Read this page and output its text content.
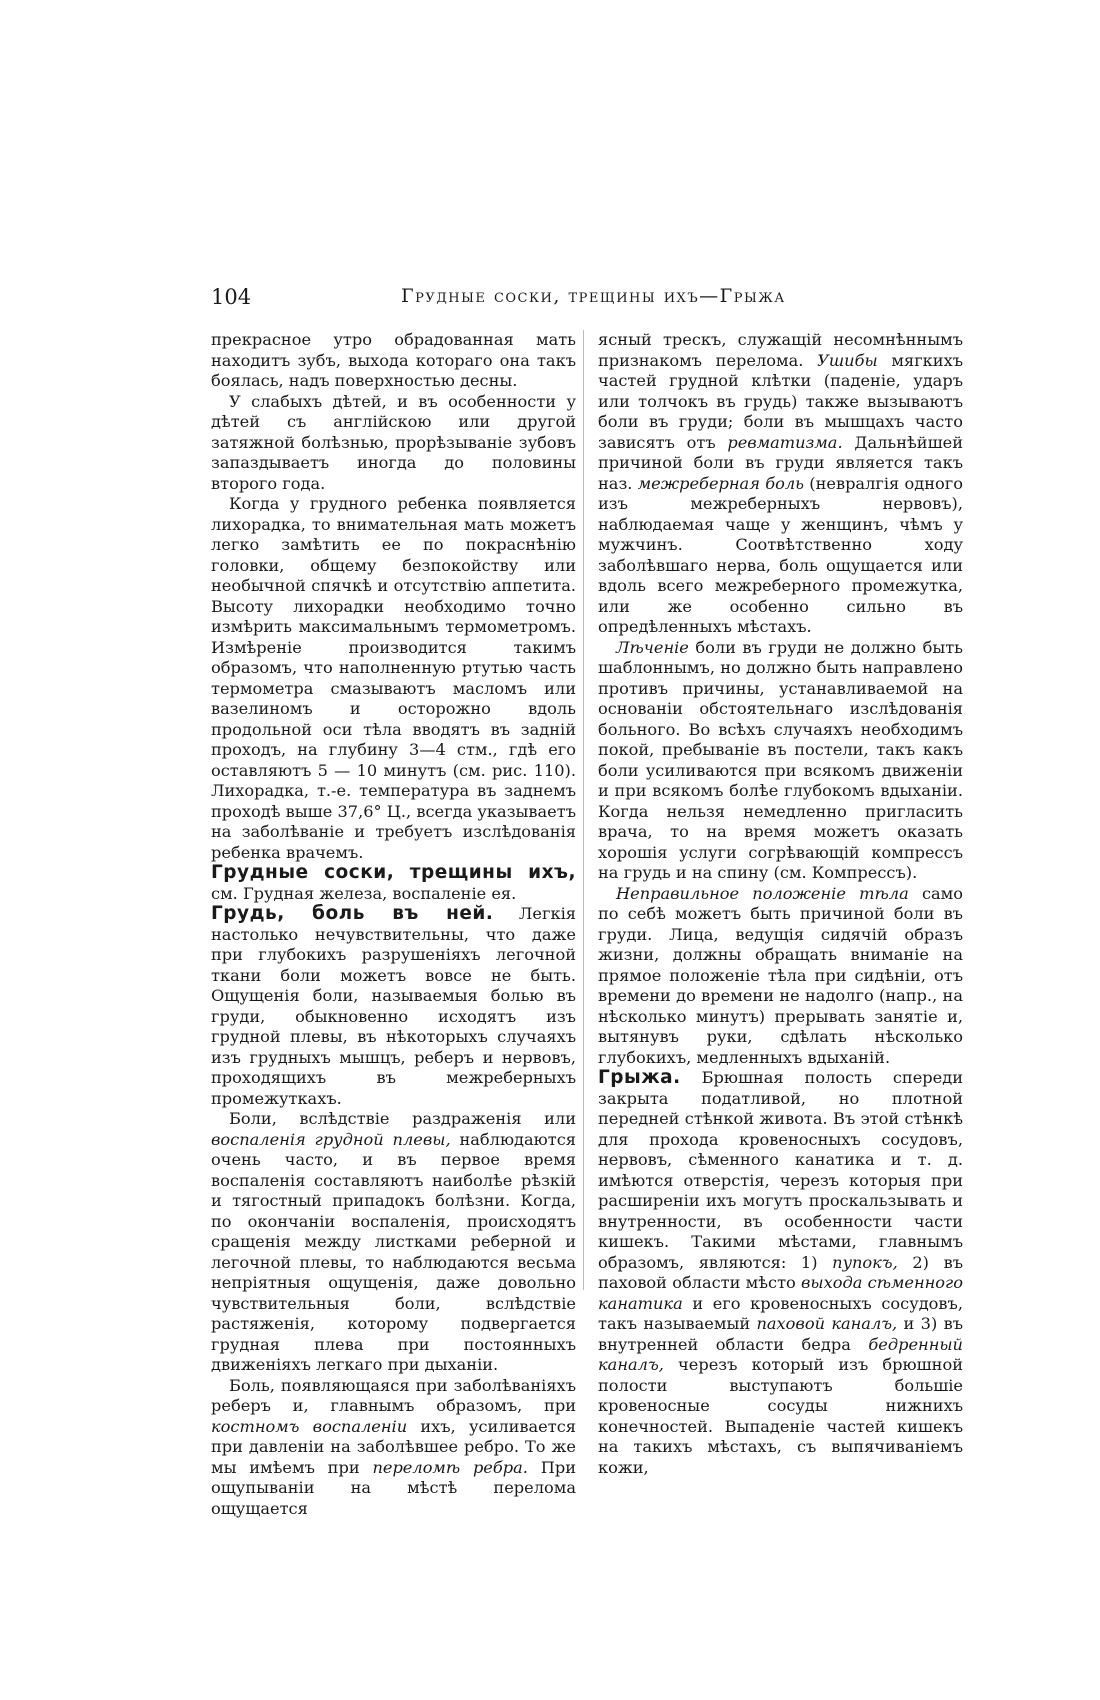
104	Грудные соски, трещины ихъ—Грыжа

прекрасное утро обрадованная мать находитъ зубъ, выхода котораго она такъ боялась, надъ поверхностью десны.

У слабыхъ дѣтей, и въ особенности у дѣтей съ англійскою или другой затяжной болѣзнью, прорѣзываніе зубовъ запаздываетъ иногда до половины второго года.

Когда у грудного ребенка появляется лихорадка, то внимательная мать можетъ легко замѣтить ее по покраснѣнію головки, общему безпокойству или необычной спячкѣ и отсутствію аппетита. Высоту лихорадки необходимо точно измѣрить максимальнымъ термометромъ. Измѣреніе производится такимъ образомъ, что наполненную ртутью часть термометра смазываютъ масломъ или вазелиномъ и осторожно вдоль продольной оси тѣла вводятъ въ задній проходъ, на глубину 3—4 стм., гдѣ его оставляютъ 5 — 10 минутъ (см. рис. 110). Лихорадка, т.-е. температура въ заднемъ проходѣ выше 37,6° Ц., всегда указываетъ на заболѣваніе и требуетъ изслѣдованія ребенка врачемъ.

Грудные соски, трещины ихъ, см. Грудная железа, воспаленіе ея.

Грудь, боль въ ней. Легкія настолько нечувствительны, что даже при глубокихъ разрушеніяхъ легочной ткани боли можетъ вовсе не быть. Ощущенія боли, называемыя болью въ груди, обыкновенно исходятъ изъ грудной плевы, въ нѣкоторыхъ случаяхъ изъ грудныхъ мышцъ, реберъ и нервовъ, проходящихъ въ межреберныхъ промежуткахъ.

Боли, вслѣдствіе раздраженія или воспаленія грудной плевы, наблюдаются очень часто, и въ первое время воспаленія составляютъ наиболѣе рѣзкій и тягостный припадокъ болѣзни. Когда, по окончаніи воспаленія, происходятъ сращенія между листками реберной и легочной плевы, то наблюдаются весьма непріятныя ощущенія, даже довольно чувствительныя боли, вслѣдствіе растяженія, которому подвергается грудная плева при постоянныхъ движеніяхъ легкаго при дыханіи.

Боль, появляющаяся при заболѣваніяхъ реберъ и, главнымъ образомъ, при костномъ воспаленіи ихъ, усиливается при давленіи на заболѣвшее ребро. То же мы имѣемъ при переломѣ ребра. При ощупываніи на мѣстѣ перелома ощущается

ясный трескъ, служащій несомнѣннымъ признакомъ перелома. Ушибы мягкихъ частей грудной клѣтки (паденіе, ударъ или толчокъ въ грудь) также вызываютъ боли въ груди; боли въ мышцахъ часто зависятъ отъ ревматизма. Дальнѣйшей причиной боли въ груди является такъ наз. межреберная боль (невралгія одного изъ межреберныхъ нервовъ), наблюдаемая чаще у женщинъ, чѣмъ у мужчинъ. Соотвѣтственно ходу заболѣвшаго нерва, боль ощущается или вдоль всего межреберного промежутка, или же особенно сильно въ опредѣленныхъ мѣстахъ.

Лѣченіе боли въ груди не должно быть шаблоннымъ, но должно быть направлено противъ причины, устанавливаемой на основаніи обстоятельнаго изслѣдованія больного. Во всѣхъ случаяхъ необходимъ покой, пребываніе въ постели, такъ какъ боли усиливаются при всякомъ движеніи и при всякомъ болѣе глубокомъ вдыханіи. Когда нельзя немедленно пригласить врача, то на время можетъ оказать хорошія услуги согрѣвающій компрессъ на грудь и на спину (см. Компрессъ).

Неправильное положеніе тѣла само по себѣ можетъ быть причиной боли въ груди. Лица, ведущія сидячій образъ жизни, должны обращать вниманіе на прямое положеніе тѣла при сидѣніи, отъ времени до времени не надолго (напр., на нѣсколько минутъ) прерывать занятіе и, вытянувъ руки, сдѣлать нѣсколько глубокихъ, медленныхъ вдыханій.

Грыжа. Брюшная полость спереди закрыта податливой, но плотной передней стѣнкой живота. Въ этой стѣнкѣ для прохода кровеносныхъ сосудовъ, нервовъ, сѣменного канатика и т. д. имѣются отверстія, черезъ которыя при расширеніи ихъ могутъ проскальзывать и внутренности, въ особенности части кишекъ. Такими мѣстами, главнымъ образомъ, являются: 1) пупокъ, 2) въ паховой области мѣсто выхода сѣменного канатика и его кровеносныхъ сосудовъ, такъ называемый паховой каналъ, и 3) въ внутренней области бедра бедренный каналъ, черезъ который изъ брюшной полости выступаютъ большіе кровеносные сосуды нижнихъ конечностей. Выпаденіе частей кишекъ на такихъ мѣстахъ, съ выпячиваніемъ кожи,
